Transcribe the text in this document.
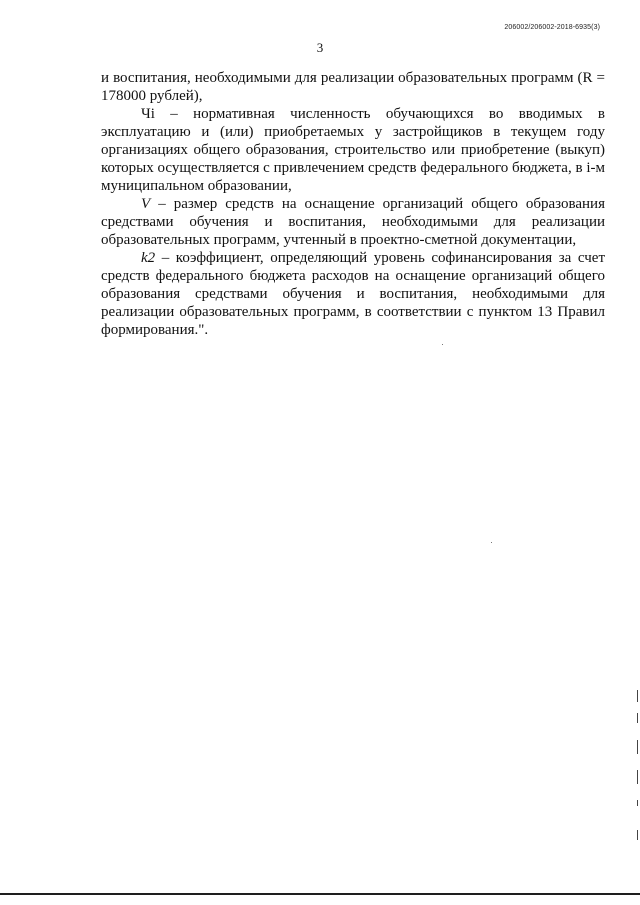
206002/206002-2018-6935(3)
3

и воспитания, необходимыми для реализации образовательных программ (R = 178000 рублей),

Чi – нормативная численность обучающихся во вводимых в эксплуатацию и (или) приобретаемых у застройщиков в текущем году организациях общего образования, строительство или приобретение (выкуп) которых осуществляется с привлечением средств федерального бюджета, в i-м муниципальном образовании,

V – размер средств на оснащение организаций общего образования средствами обучения и воспитания, необходимыми для реализации образовательных программ, учтенный в проектно-сметной документации,

k2 – коэффициент, определяющий уровень софинансирования за счет средств федерального бюджета расходов на оснащение организаций общего образования средствами обучения и воспитания, необходимыми для реализации образовательных программ, в соответствии с пунктом 13 Правил формирования.".
